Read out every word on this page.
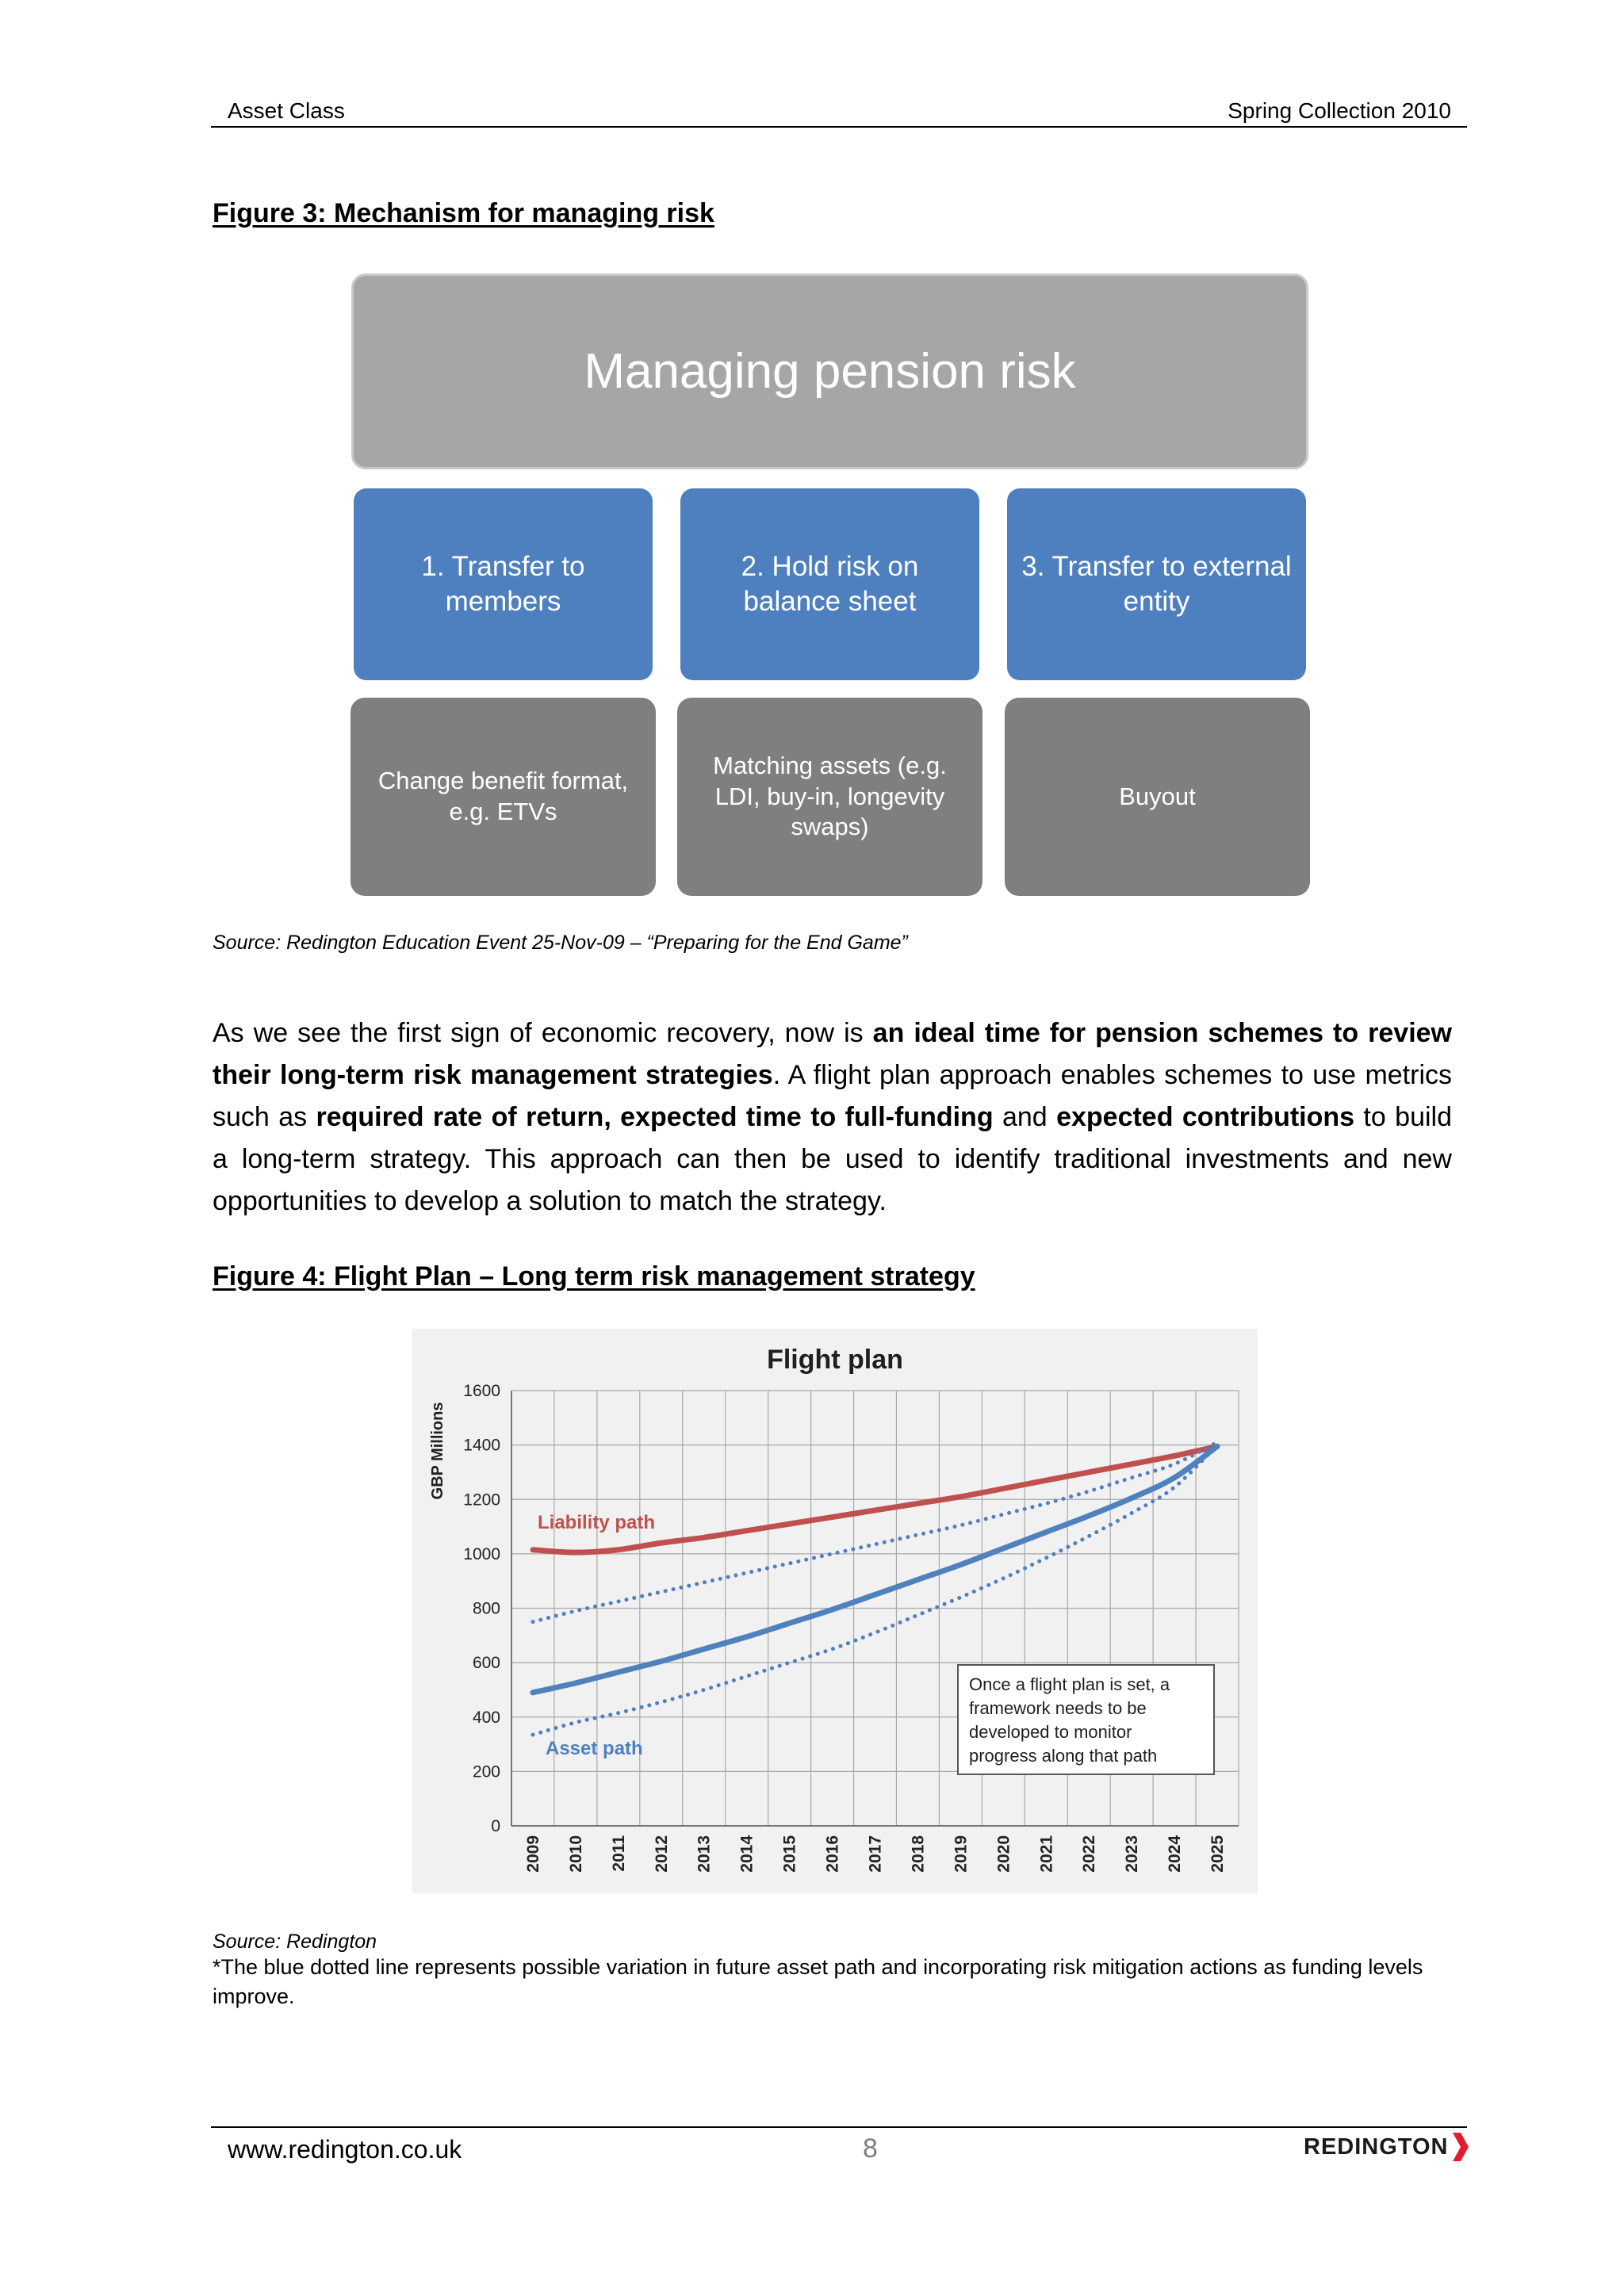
Asset Class	Spring Collection 2010
Figure 3: Mechanism for managing risk
Managing pension risk
1. Transfer to members
2. Hold risk on balance sheet
3. Transfer to external entity
Change benefit format, e.g. ETVs
Matching assets (e.g. LDI, buy-in, longevity swaps)
Buyout
Source: Redington Education Event 25-Nov-09 – “Preparing for the End Game”
As we see the first sign of economic recovery, now is an ideal time for pension schemes to review their long-term risk management strategies. A flight plan approach enables schemes to use metrics such as required rate of return, expected time to full-funding and expected contributions to build a long-term strategy. This approach can then be used to identify traditional investments and new opportunities to develop a solution to match the strategy.
Figure 4: Flight Plan – Long term risk management strategy
0
200
400
600
800
1000
1200
1400
1600
2009 2010 2011 2012 2013 2014 2015 2016 2017 2018 2019 2020 2021 2022 2023 2024 2025
Flight plan
GBP Millions
Liability path
Asset path
Once a flight plan is set, a
framework needs to be
developed to monitor
progress along that path
Source: Redington
*The blue dotted line represents possible variation in future asset path and incorporating risk mitigation actions as funding levels improve.
www.redington.co.uk	8	REDINGTON
